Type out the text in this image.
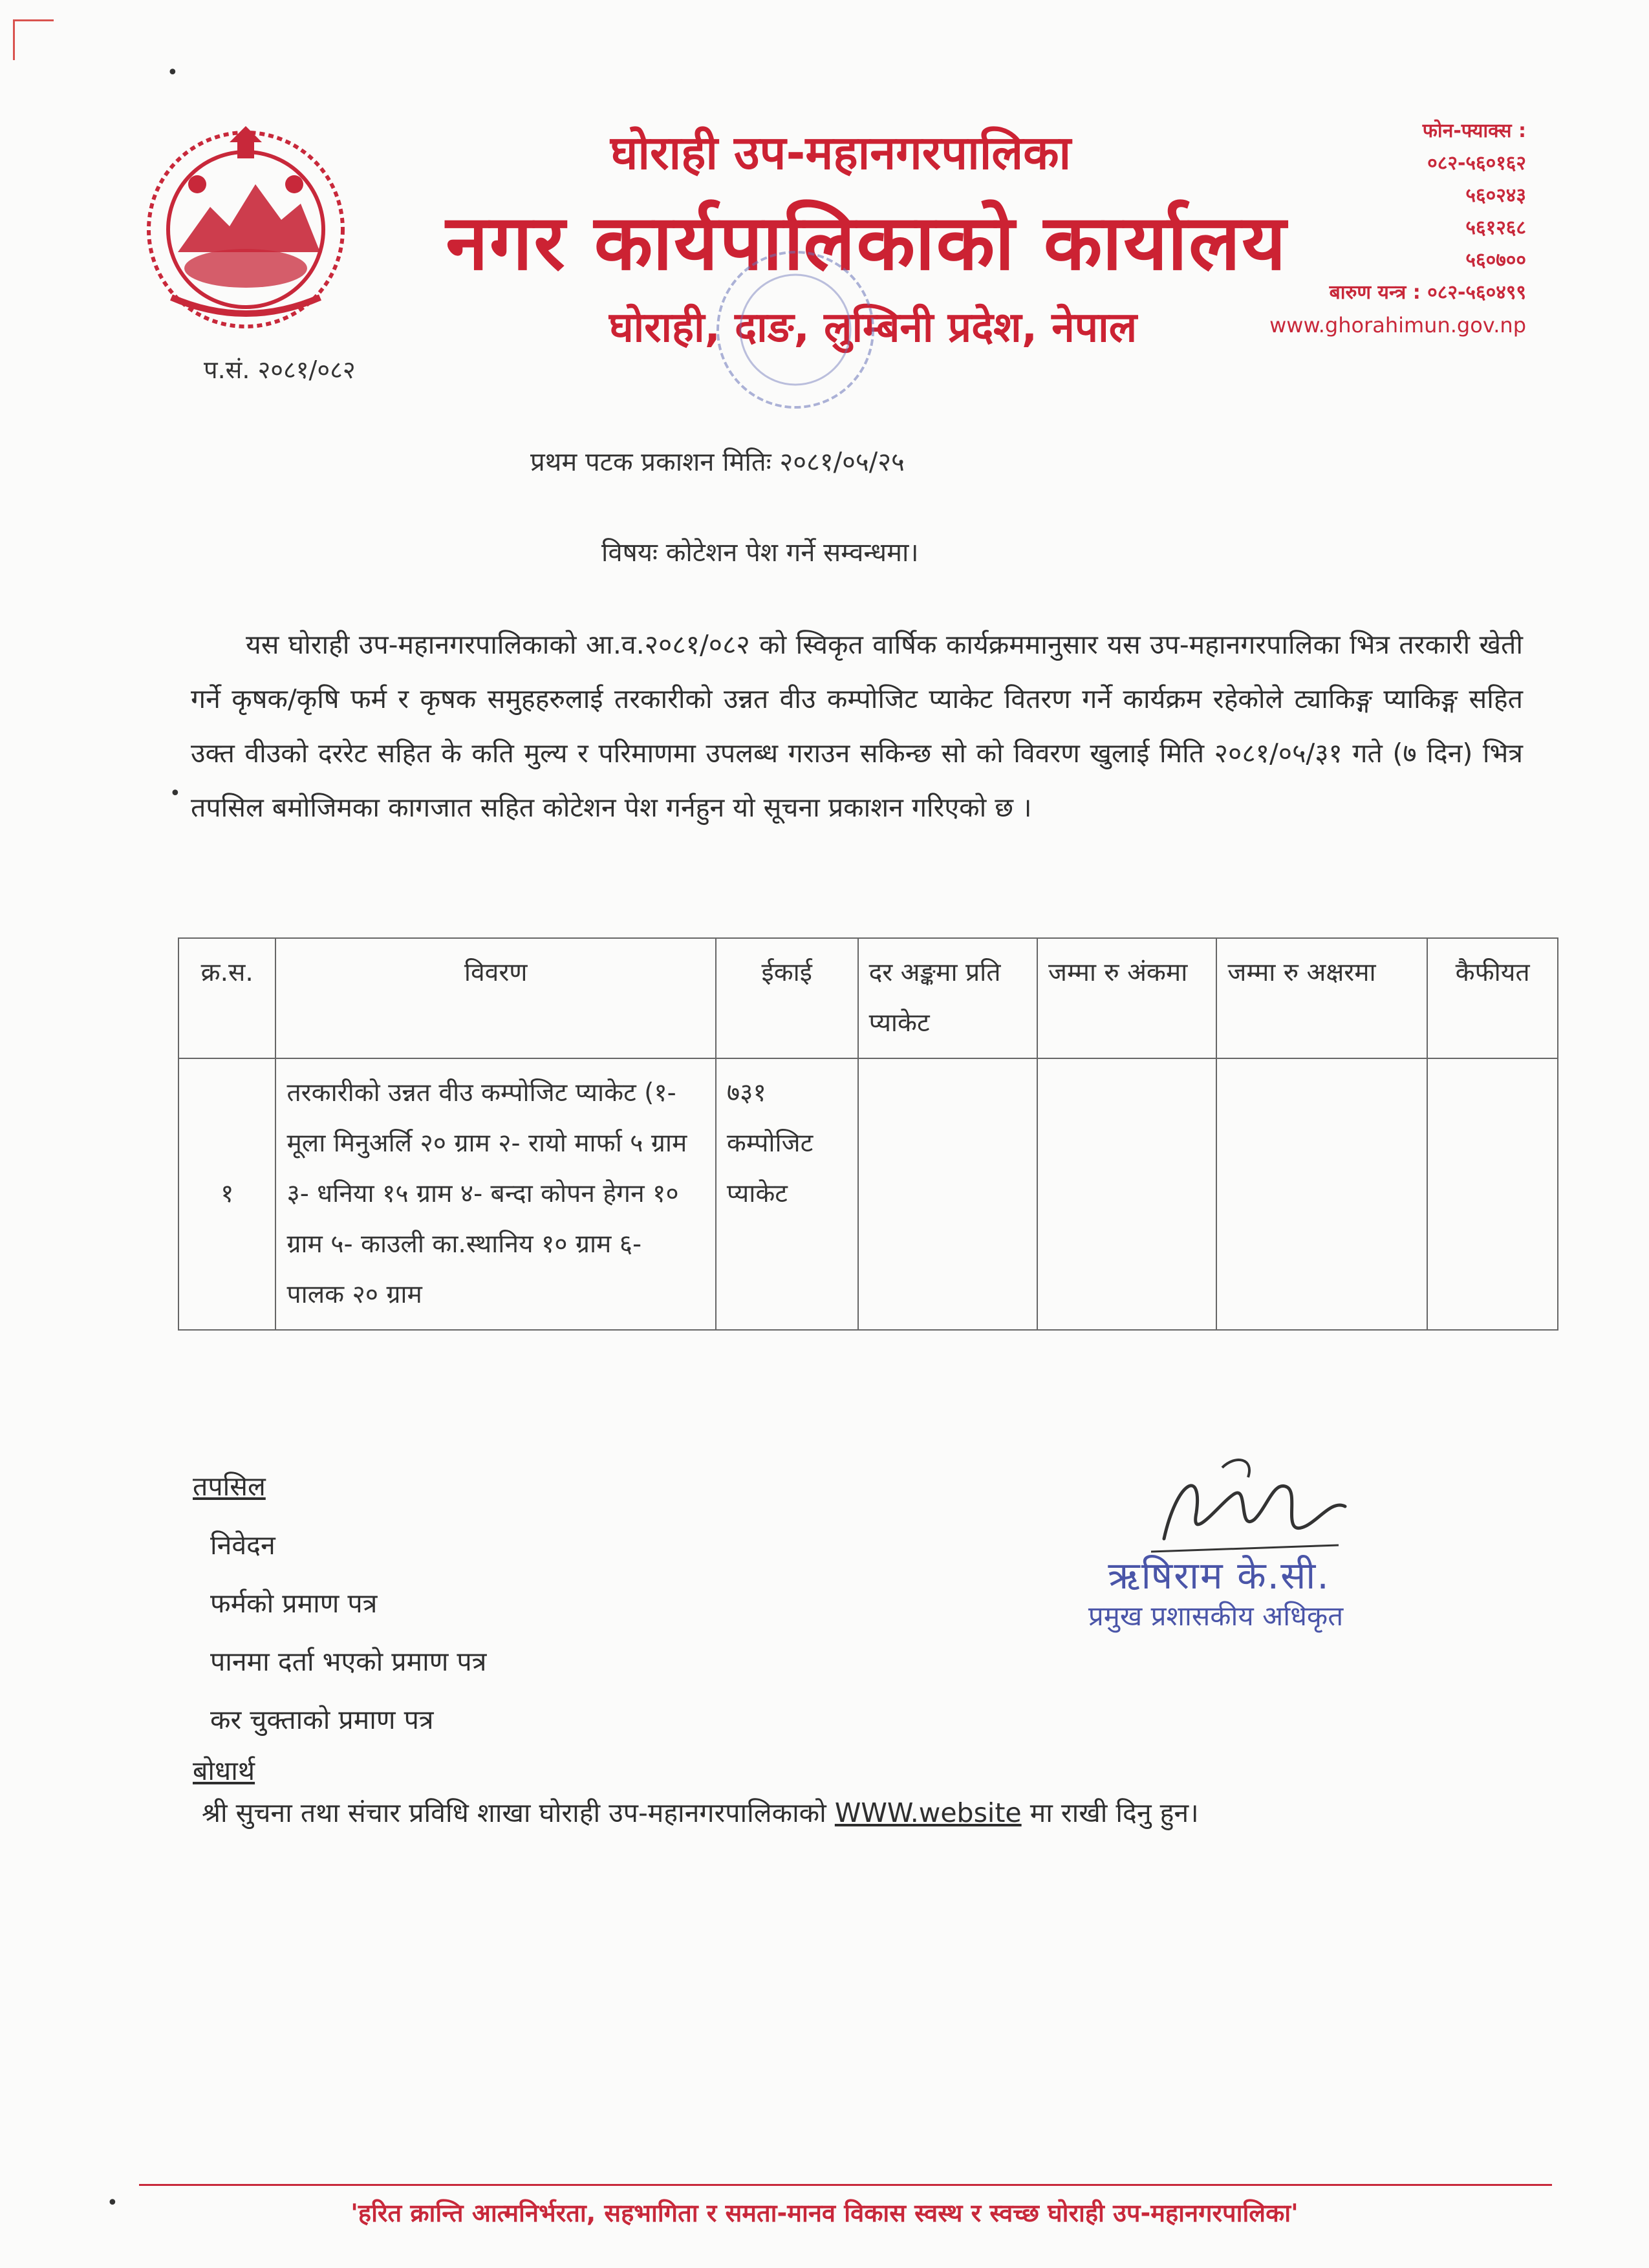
घोराही उप-महानगरपालिका
नगर कार्यपालिकाको कार्यालय
घोराही, दाङ, लुम्बिनी प्रदेश, नेपाल
फोन-फ्याक्स :
०८२-५६०१६२
५६०२४३
५६१२६८
५६०७००
बारुण यन्त्र : ०८२-५६०४९९
www.ghorahimun.gov.np
प.सं. २०८१/०८२
प्रथम पटक प्रकाशन मितिः २०८१/०५/२५
विषयः कोटेशन पेश गर्ने सम्वन्धमा।
यस घोराही उप-महानगरपालिकाको आ.व.२०८१/०८२ को स्विकृत वार्षिक कार्यक्रममानुसार यस उप-महानगरपालिका भित्र तरकारी खेती गर्ने कृषक/कृषि फर्म र कृषक समुहहरुलाई तरकारीको उन्नत वीउ कम्पोजिट प्याकेट वितरण गर्ने कार्यक्रम रहेकोले ट्याकिङ्ग प्याकिङ्ग सहित उक्त वीउको दररेट सहित के कति मुल्य र परिमाणमा उपलब्ध गराउन सकिन्छ सो को विवरण खुलाई मिति २०८१/०५/३१ गते (७ दिन) भित्र तपसिल बमोजिमका कागजात सहित कोटेशन पेश गर्नहुन यो सूचना प्रकाशन गरिएको छ ।
क्र.स.	विवरण	ईकाई	दर अङ्कमा प्रति प्याकेट	जम्मा रु अंकमा	जम्मा रु अक्षरमा	कैफीयत
१	तरकारीको उन्नत वीउ कम्पोजिट प्याकेट (१- मूला मिनुअर्लि २० ग्राम २- रायो मार्फा ५ ग्राम ३- धनिया १५ ग्राम ४- बन्दा कोपन हेगन १० ग्राम ५- काउली का.स्थानिय १० ग्राम ६- पालक २० ग्राम	७३१ कम्पोजिट प्याकेट				
तपसिल
निवेदन
फर्मको प्रमाण पत्र
पानमा दर्ता भएको प्रमाण पत्र
कर चुक्ताको प्रमाण पत्र
बोधार्थ
श्री सुचना तथा संचार प्रविधि शाखा घोराही उप-महानगरपालिकाको WWW.website मा राखी दिनु हुन।
ऋषिराम के.सी.
प्रमुख प्रशासकीय अधिकृत
'हरित क्रान्ति आत्मनिर्भरता, सहभागिता र समता-मानव विकास स्वस्थ र स्वच्छ घोराही उप-महानगरपालिका'
•
•
•
